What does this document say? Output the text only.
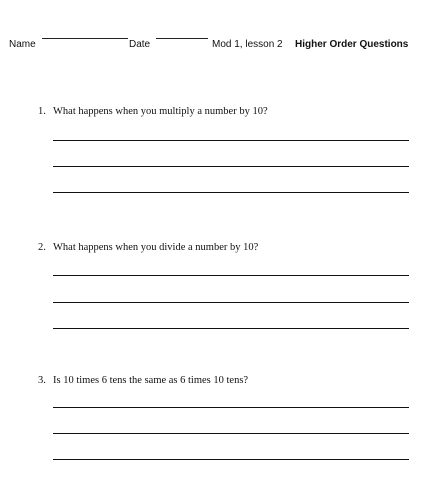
Name	Date	Mod 1, lesson 2 Higher Order Questions
1. What happens when you multiply a number by 10?
2. What happens when you divide a number by 10?
3. Is 10 times 6 tens the same as 6 times 10 tens?
